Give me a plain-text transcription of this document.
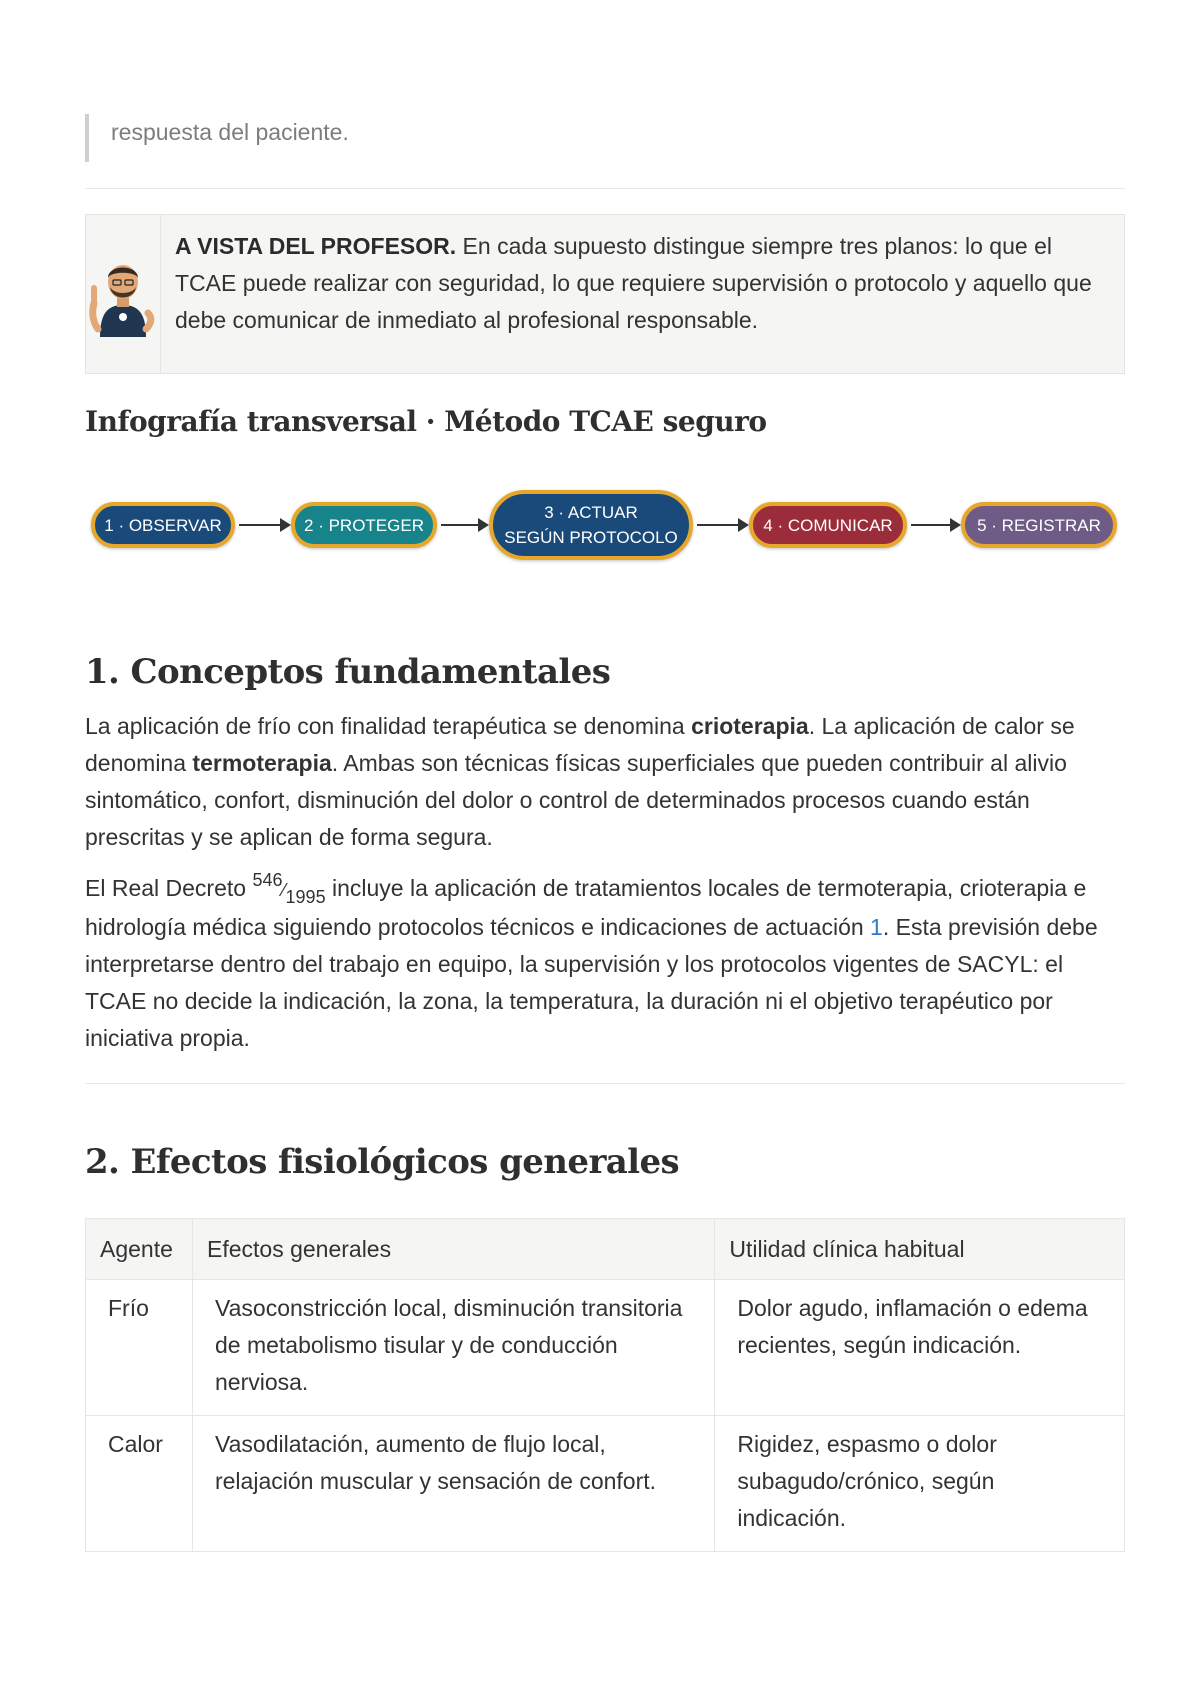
respuesta del paciente.
A VISTA DEL PROFESOR. En cada supuesto distingue siempre tres planos: lo que el TCAE puede realizar con seguridad, lo que requiere supervisión o protocolo y aquello que debe comunicar de inmediato al profesional responsable.
Infografía transversal · Método TCAE seguro
1 · OBSERVAR	2 · PROTEGER
3 · ACTUAR
SEGÚN PROTOCOLO
4 · COMUNICAR	5 · REGISTRAR
1. Conceptos fundamentales

La aplicación de frío con finalidad terapéutica se denomina crioterapia. La aplicación de calor se denomina termoterapia. Ambas son técnicas físicas superficiales que pueden contribuir al alivio sintomático, confort, disminución del dolor o control de determinados procesos cuando están prescritas y se aplican de forma segura.

El Real Decreto 546⁄1995 incluye la aplicación de tratamientos locales de termoterapia, crioterapia e hidrología médica siguiendo protocolos técnicos e indicaciones de actuación 1. Esta previsión debe interpretarse dentro del trabajo en equipo, la supervisión y los protocolos vigentes de SACYL: el TCAE no decide la indicación, la zona, la temperatura, la duración ni el objetivo terapéutico por iniciativa propia.

2. Efectos fisiológicos generales
Agente	Efectos generales	Utilidad clínica habitual
Frío	Vasoconstricción local, disminución transitoria de metabolismo tisular y de conducción nerviosa.	Dolor agudo, inflamación o edema recientes, según indicación.
Calor	Vasodilatación, aumento de flujo local, relajación muscular y sensación de confort.	Rigidez, espasmo o dolor subagudo/crónico, según indicación.
